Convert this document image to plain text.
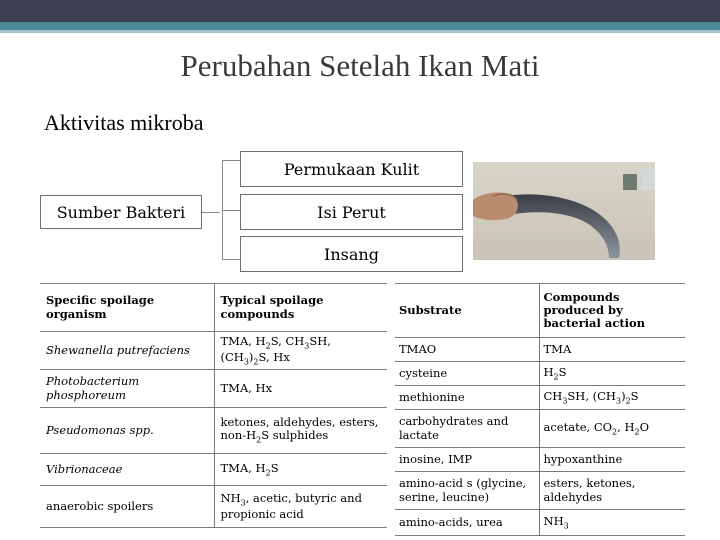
Perubahan Setelah Ikan Mati
Aktivitas mikroba
Sumber Bakteri
Permukaan Kulit
Isi Perut
Insang
Specific spoilage organism	Typical spoilage compounds
Shewanella putrefaciens	TMA, $H_2S$, $CH_3SH$, $(CH_3)_2S$, Hx
Photobacterium phosphoreum	TMA, Hx
Pseudomonas spp.	ketones, aldehydes, esters, non-$H_2S$ sulphides
Vibrionaceae	TMA, $H_2S$
anaerobic spoilers	$NH_3$, acetic, butyric and propionic acid
Substrate	Compounds produced by bacterial action
TMAO	TMA
cysteine	$H_2S$
methionine	$CH_3SH$, $(CH_3)_2S$
carbohydrates and lactate	acetate, $CO_2$, $H_2O$
inosine, IMP	hypoxanthine
amino-acid s (glycine, serine, leucine)	esters, ketones, aldehydes
amino-acids, urea	$NH_3$
